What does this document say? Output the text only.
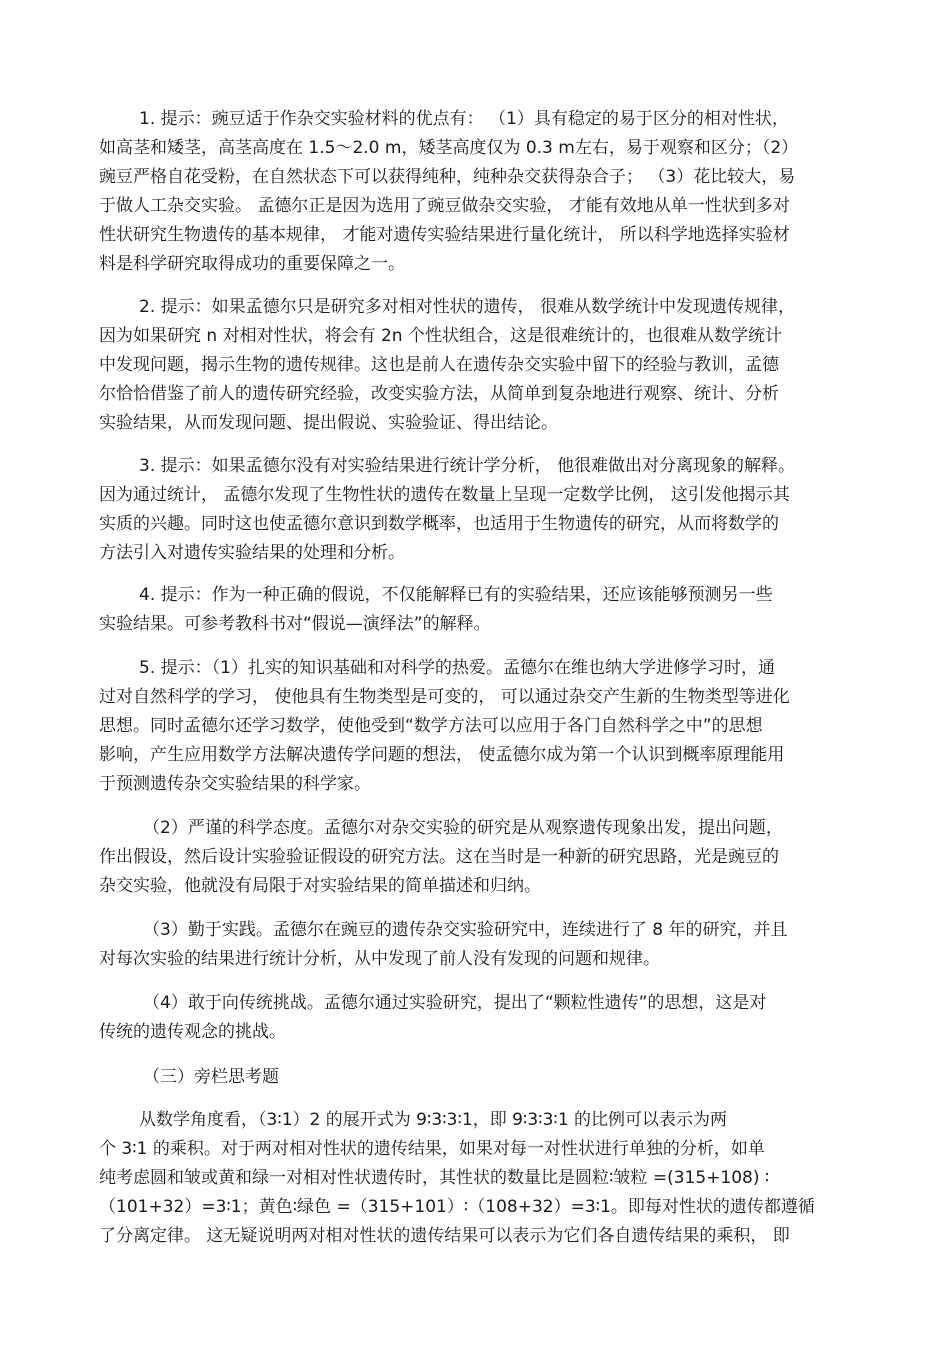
1. 提示：豌豆适于作杂交实验材料的优点有： （1）具有稳定的易于区分的相对性状，
如高茎和矮茎，高茎高度在 1.5～2.0 m，矮茎高度仅为 0.3 m左右，易于观察和区分；（2）
豌豆严格自花受粉，在自然状态下可以获得纯种，纯种杂交获得杂合子； （3）花比较大，易
于做人工杂交实验。 孟德尔正是因为选用了豌豆做杂交实验， 才能有效地从单一性状到多对
性状研究生物遗传的基本规律， 才能对遗传实验结果进行量化统计， 所以科学地选择实验材
料是科学研究取得成功的重要保障之一。
2. 提示：如果孟德尔只是研究多对相对性状的遗传， 很难从数学统计中发现遗传规律，
因为如果研究 n 对相对性状，将会有 2n 个性状组合，这是很难统计的，也很难从数学统计
中发现问题，揭示生物的遗传规律。这也是前人在遗传杂交实验中留下的经验与教训，孟德
尔恰恰借鉴了前人的遗传研究经验，改变实验方法，从简单到复杂地进行观察、统计、分析
实验结果，从而发现问题、提出假说、实验验证、得出结论。
3. 提示：如果孟德尔没有对实验结果进行统计学分析， 他很难做出对分离现象的解释。
因为通过统计， 孟德尔发现了生物性状的遗传在数量上呈现一定数学比例， 这引发他揭示其
实质的兴趣。同时这也使孟德尔意识到数学概率，也适用于生物遗传的研究，从而将数学的
方法引入对遗传实验结果的处理和分析。
4. 提示：作为一种正确的假说，不仅能解释已有的实验结果，还应该能够预测另一些
实验结果。可参考教科书对“假说—演绎法”的解释。
5. 提示：（1）扎实的知识基础和对科学的热爱。孟德尔在维也纳大学进修学习时，通
过对自然科学的学习， 使他具有生物类型是可变的， 可以通过杂交产生新的生物类型等进化
思想。同时孟德尔还学习数学，使他受到“数学方法可以应用于各门自然科学之中”的思想
影响，产生应用数学方法解决遗传学问题的想法， 使孟德尔成为第一个认识到概率原理能用
于预测遗传杂交实验结果的科学家。
（2）严谨的科学态度。孟德尔对杂交实验的研究是从观察遗传现象出发，提出问题，
作出假设，然后设计实验验证假设的研究方法。这在当时是一种新的研究思路，光是豌豆的
杂交实验，他就没有局限于对实验结果的简单描述和归纳。
（3）勤于实践。孟德尔在豌豆的遗传杂交实验研究中，连续进行了 8 年的研究，并且
对每次实验的结果进行统计分析，从中发现了前人没有发现的问题和规律。
（4）敢于向传统挑战。孟德尔通过实验研究，提出了“颗粒性遗传”的思想，这是对
传统的遗传观念的挑战。
（三）旁栏思考题
从数学角度看，（3∶1）2 的展开式为 9∶3∶3∶1，即 9∶3∶3∶1 的比例可以表示为两
个 3∶1 的乘积。对于两对相对性状的遗传结果，如果对每一对性状进行单独的分析，如单
纯考虑圆和皱或黄和绿一对相对性状遗传时，其性状的数量比是圆粒∶皱粒 =(315+108) ∶
（101+32）=3∶1；黄色∶绿色 =（315+101）∶（108+32）=3∶1。即每对性状的遗传都遵循
了分离定律。 这无疑说明两对相对性状的遗传结果可以表示为它们各自遗传结果的乘积， 即
